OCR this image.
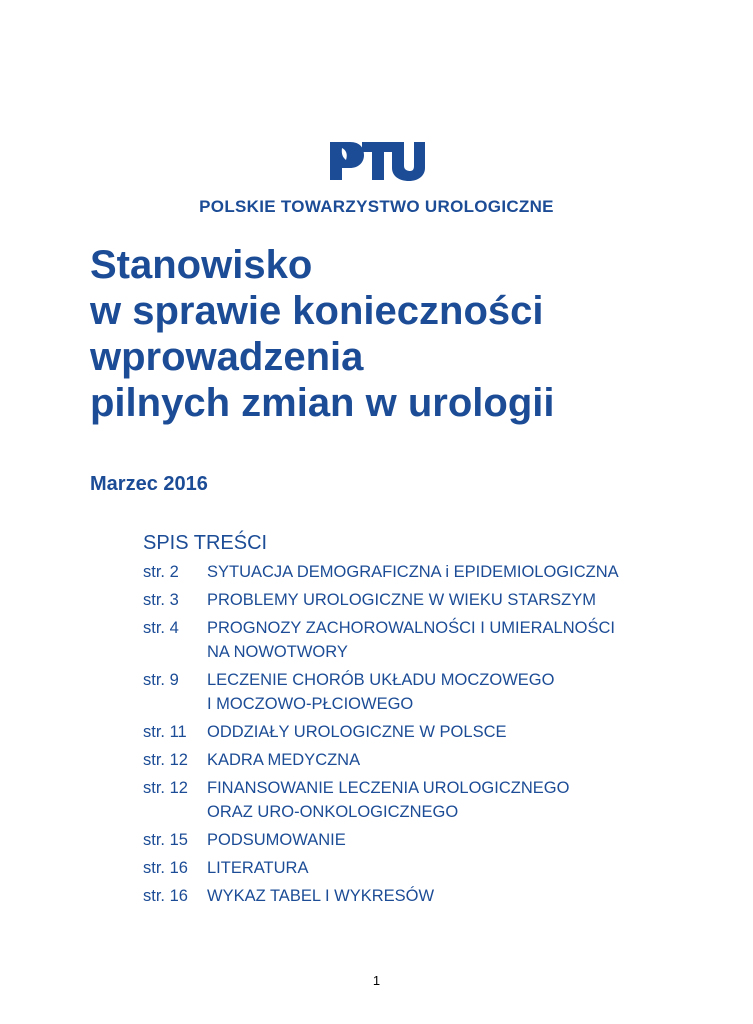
PTU
POLSKIE TOWARZYSTWO UROLOGICZNE
Stanowisko
w sprawie konieczności
wprowadzenia
pilnych zmian w urologii
Marzec 2016
SPIS TREŚCI
str. 2	SYTUACJA DEMOGRAFICZNA i EPIDEMIOLOGICZNA
str. 3	PROBLEMY UROLOGICZNE W WIEKU STARSZYM
str. 4	PROGNOZY ZACHOROWALNOŚCI I UMIERALNOŚCI
NA NOWOTWORY
str. 9	LECZENIE CHORÓB UKŁADU MOCZOWEGO
I MOCZOWO-PŁCIOWEGO
str. 11	ODDZIAŁY UROLOGICZNE W POLSCE
str. 12	KADRA MEDYCZNA
str. 12	FINANSOWANIE LECZENIA UROLOGICZNEGO
ORAZ URO-ONKOLOGICZNEGO
str. 15	PODSUMOWANIE
str. 16	LITERATURA
str. 16	WYKAZ TABEL I WYKRESÓW
1
